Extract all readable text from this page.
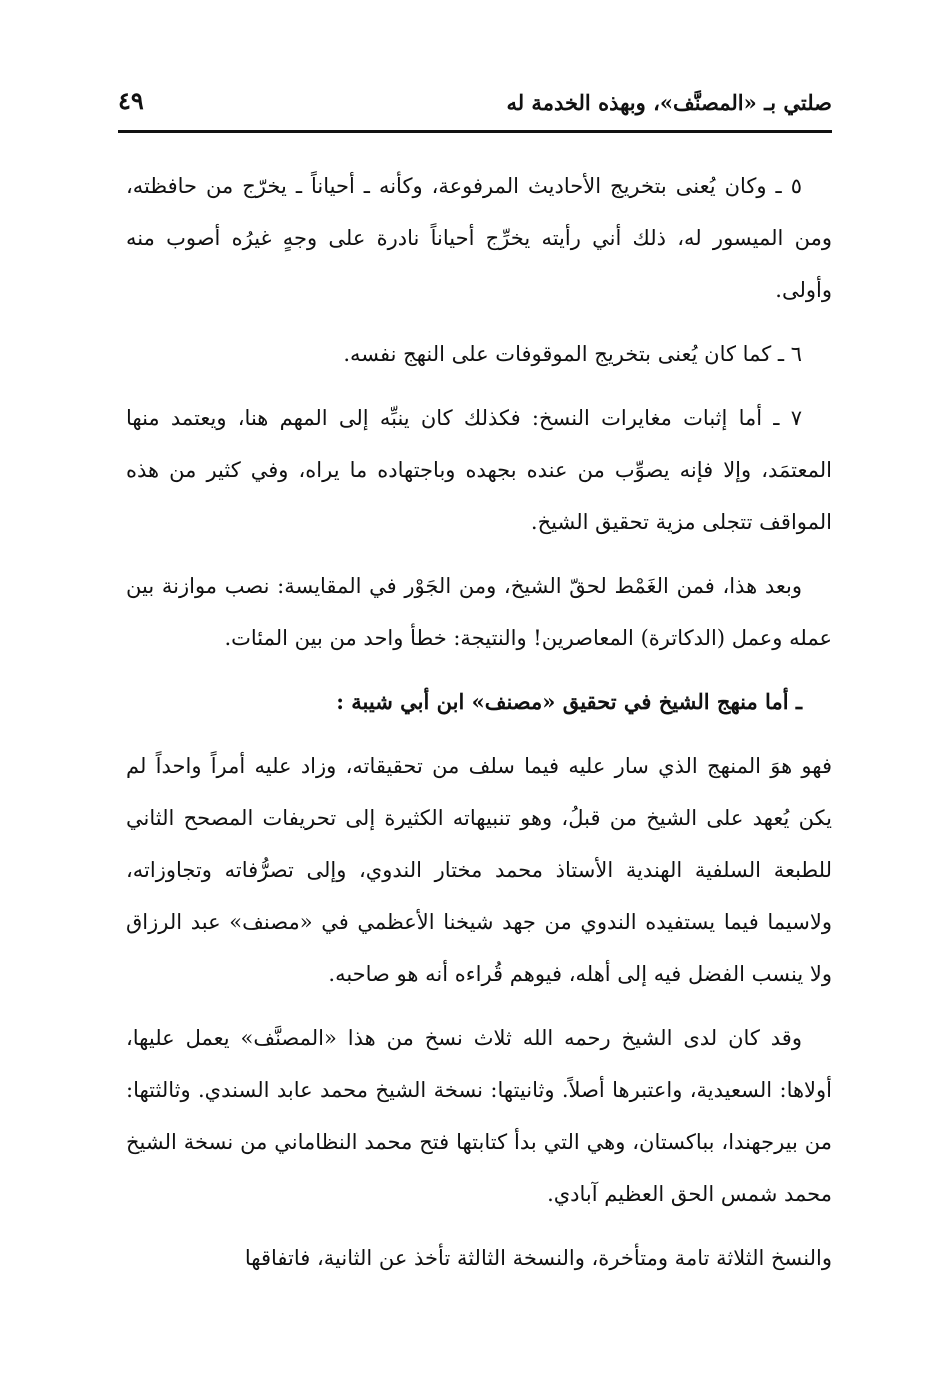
صلتي بـ «المصنَّف»، وبهذه الخدمة له
٤٩

٥ ـ وكان يُعنى بتخريج الأحاديث المرفوعة، وكأنه ـ أحياناً ـ يخرّج من حافظته، ومن الميسور له، ذلك أني رأيته يخرِّج أحياناً نادرة على وجهٍ غيرُه أصوب منه وأولى.

٦ ـ كما كان يُعنى بتخريج الموقوفات على النهج نفسه.

٧ ـ أما إثبات مغايرات النسخ: فكذلك كان ينبِّه إلى المهم هنا، ويعتمد منها المعتمَد، وإلا فإنه يصوِّب من عنده بجهده وباجتهاده ما يراه، وفي كثير من هذه المواقف تتجلى مزية تحقيق الشيخ.

وبعد هذا، فمن الغَمْط لحقّ الشيخ، ومن الجَوْر في المقايسة: نصب موازنة بين عمله وعمل (الدكاترة) المعاصرين! والنتيجة: خطأ واحد من بين المئات.

ـ أما منهج الشيخ في تحقيق «مصنف» ابن أبي شيبة :

فهو هوَ المنهج الذي سار عليه فيما سلف من تحقيقاته، وزاد عليه أمراً واحداً لم يكن يُعهد على الشيخ من قبلُ، وهو تنبيهاته الكثيرة إلى تحريفات المصحح الثاني للطبعة السلفية الهندية الأستاذ محمد مختار الندوي، وإلى تصرُّفاته وتجاوزاته، ولاسيما فيما يستفيده الندوي من جهد شيخنا الأعظمي في «مصنف» عبد الرزاق ولا ينسب الفضل فيه إلى أهله، فيوهم قُراءه أنه هو صاحبه.

وقد كان لدى الشيخ رحمه الله ثلاث نسخ من هذا «المصنَّف» يعمل عليها، أولاها: السعيدية، واعتبرها أصلاً. وثانيتها: نسخة الشيخ محمد عابد السندي. وثالثتها: من بيرجهندا، بباكستان، وهي التي بدأ كتابتها فتح محمد النظاماني من نسخة الشيخ محمد شمس الحق العظيم آبادي.

والنسخ الثلاثة تامة ومتأخرة، والنسخة الثالثة تأخذ عن الثانية، فاتفاقها
